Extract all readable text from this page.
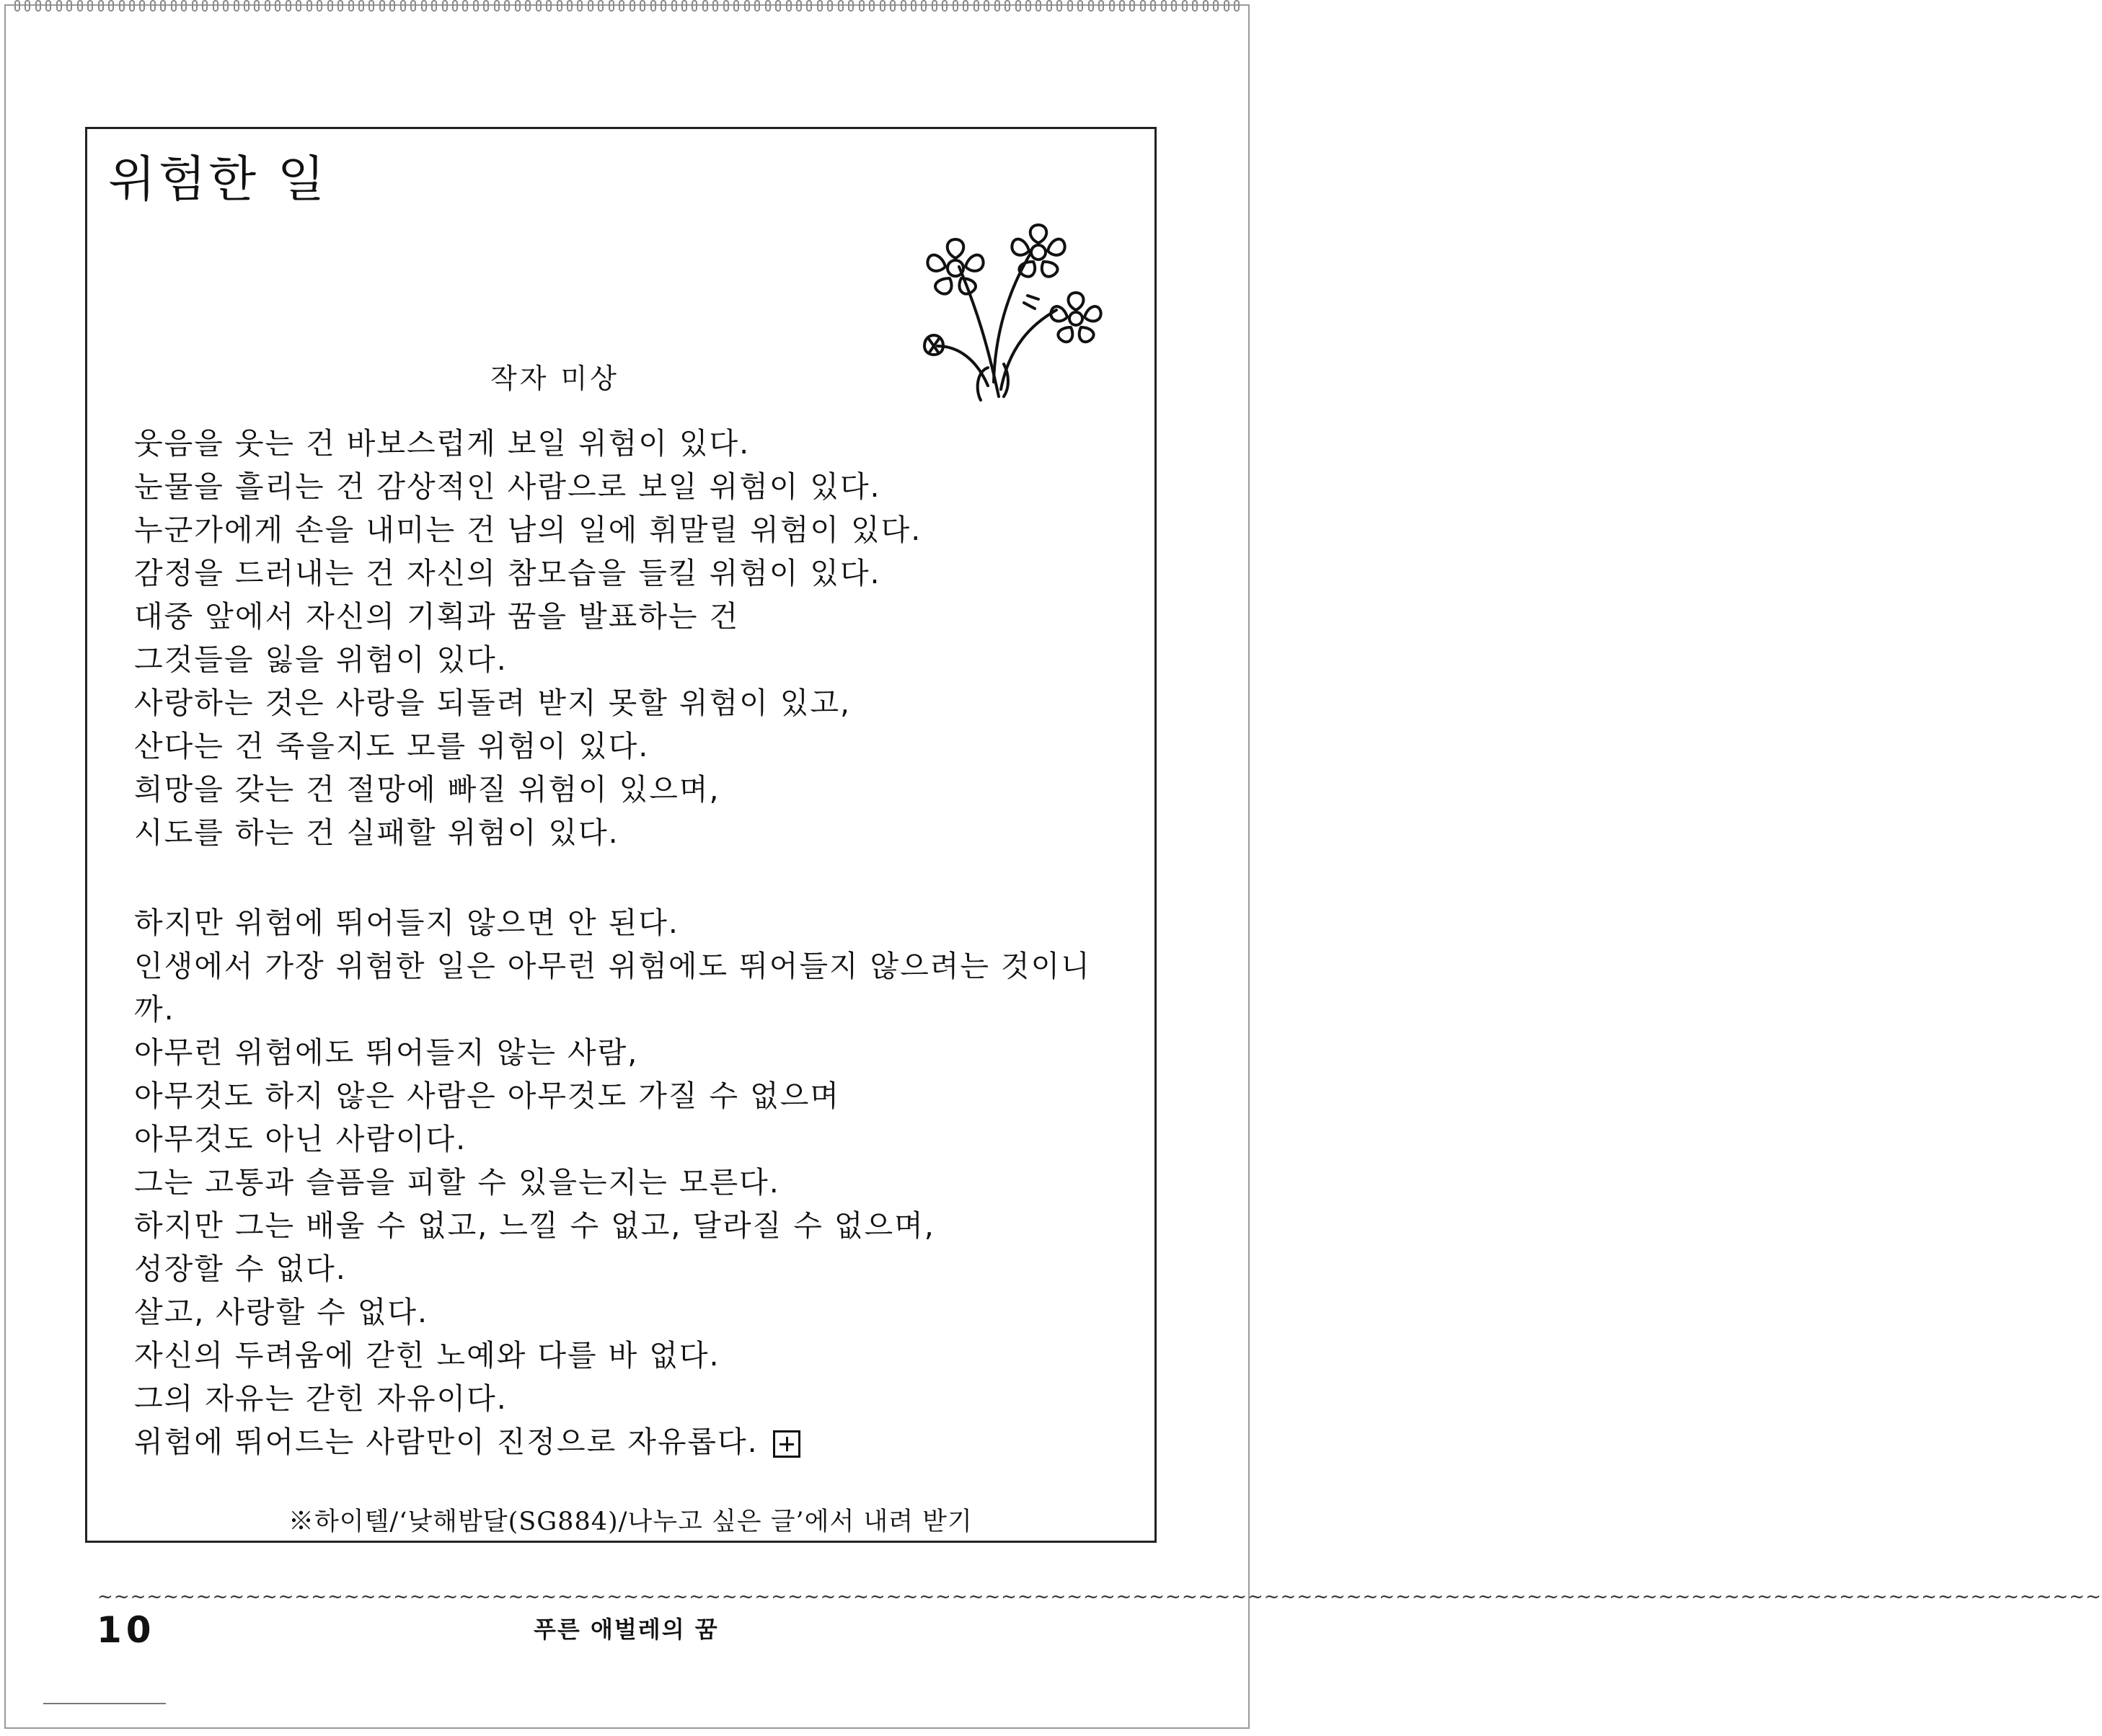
위험한 일
작자 미상
웃음을 웃는 건 바보스럽게 보일 위험이 있다.
눈물을 흘리는 건 감상적인 사람으로 보일 위험이 있다.
누군가에게 손을 내미는 건 남의 일에 휘말릴 위험이 있다.
감정을 드러내는 건 자신의 참모습을 들킬 위험이 있다.
대중 앞에서 자신의 기획과 꿈을 발표하는 건
그것들을 잃을 위험이 있다.
사랑하는 것은 사랑을 되돌려 받지 못할 위험이 있고,
산다는 건 죽을지도 모를 위험이 있다.
희망을 갖는 건 절망에 빠질 위험이 있으며,
시도를 하는 건 실패할 위험이 있다.
하지만 위험에 뛰어들지 않으면 안 된다.
인생에서 가장 위험한 일은 아무런 위험에도 뛰어들지 않으려는 것이니
까.
아무런 위험에도 뛰어들지 않는 사람,
아무것도 하지 않은 사람은 아무것도 가질 수 없으며
아무것도 아닌 사람이다.
그는 고통과 슬픔을 피할 수 있을는지는 모른다.
하지만 그는 배울 수 없고, 느낄 수 없고, 달라질 수 없으며,
성장할 수 없다.
살고, 사랑할 수 없다.
자신의 두려움에 갇힌 노예와 다를 바 없다.
그의 자유는 갇힌 자유이다.
위험에 뛰어드는 사람만이 진정으로 자유롭다.
※하이텔/‘낮해밤달(SG884)/나누고 싶은 글’에서 내려 받기
~~~~~~~~~~~~~~~~~~~~~~~~~~~~~~~~~~~~~~~~~~~~~~~~~~~~~~~~~~~~~~~~~~~~~~~~~~~~~~~~~~~~~~~~~~~~~~~~~~~~~~~~~~~~~~~~~~~~~~~~~~
10	푸른 애벌레의 꿈
